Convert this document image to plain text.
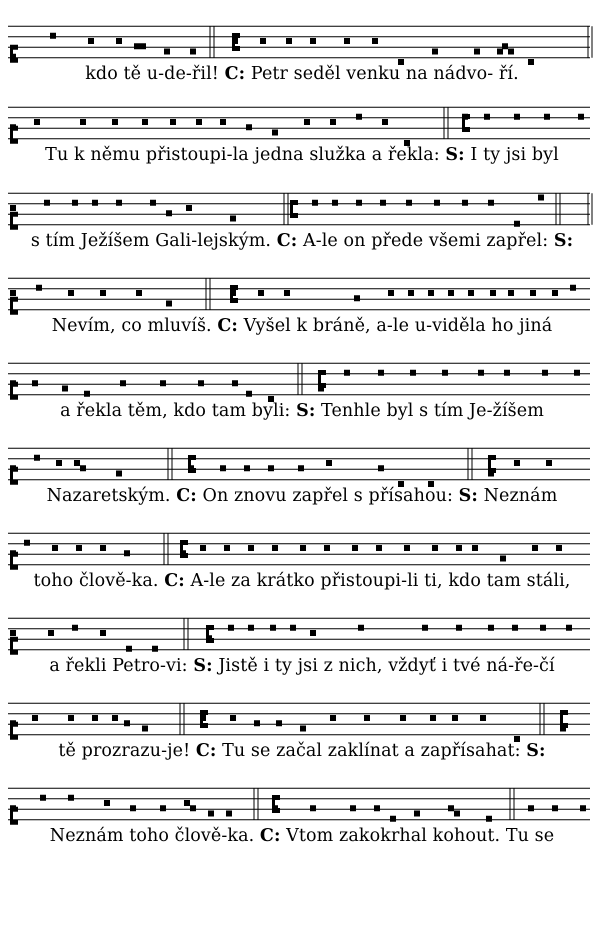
kdo tě u-de-řil! C: Petr seděl venku na nádvo- ří.
Tu k němu přistoupi-la jedna služka a řekla: S: I ty jsi byl
s tím Ježíšem Gali-lejským. C: A-le on přede všemi zapřel: S:
Nevím, co mluvíš. C: Vyšel k bráně, a-le u-viděla ho jiná
a řekla těm, kdo tam byli: S: Tenhle byl s tím Je-žíšem
Nazaretským. C: On znovu zapřel s přísahou: S: Neznám
toho člově-ka. C: A-le za krátko přistoupi-li ti, kdo tam stáli,
a řekli Petro-vi: S: Jistě i ty jsi z nich, vždyť i tvé ná-ře-čí
tě prozrazu-je! C: Tu se začal zaklínat a zapřísahat: S:
Neznám toho člově-ka. C: Vtom zakokrhal kohout. Tu se
